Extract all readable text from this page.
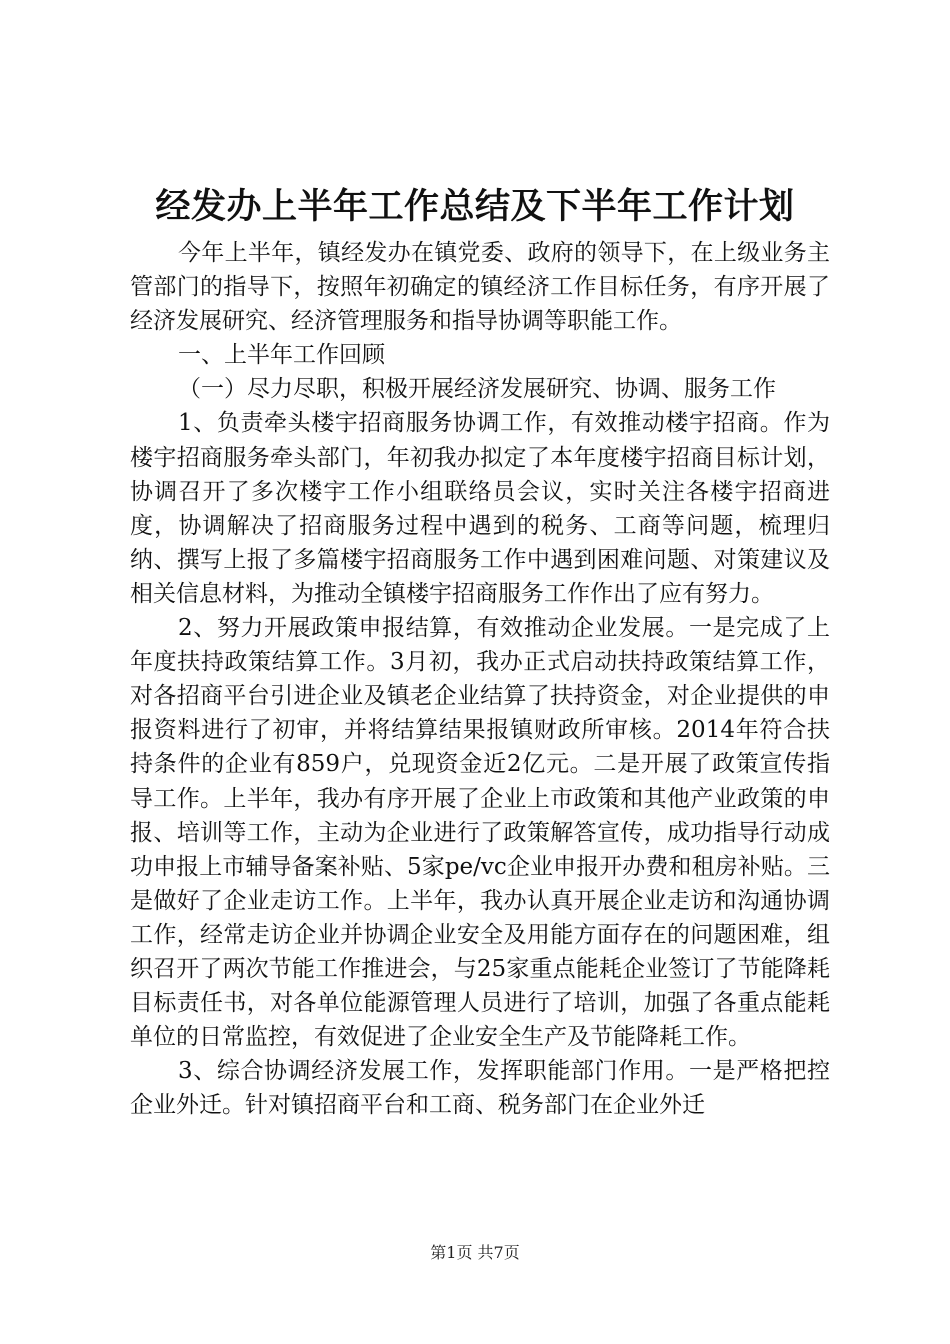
经发办上半年工作总结及下半年工作计划

今年上半年，镇经发办在镇党委、政府的领导下，在上级业务主管部门的指导下，按照年初确定的镇经济工作目标任务，有序开展了经济发展研究、经济管理服务和指导协调等职能工作。

一、上半年工作回顾

（一）尽力尽职，积极开展经济发展研究、协调、服务工作

1、负责牵头楼宇招商服务协调工作，有效推动楼宇招商。作为楼宇招商服务牵头部门，年初我办拟定了本年度楼宇招商目标计划，协调召开了多次楼宇工作小组联络员会议，实时关注各楼宇招商进度，协调解决了招商服务过程中遇到的税务、工商等问题，梳理归纳、撰写上报了多篇楼宇招商服务工作中遇到困难问题、对策建议及相关信息材料，为推动全镇楼宇招商服务工作作出了应有努力。

2、努力开展政策申报结算，有效推动企业发展。一是完成了上年度扶持政策结算工作。3月初，我办正式启动扶持政策结算工作，对各招商平台引进企业及镇老企业结算了扶持资金，对企业提供的申报资料进行了初审，并将结算结果报镇财政所审核。2014年符合扶持条件的企业有859户，兑现资金近2亿元。二是开展了政策宣传指导工作。上半年，我办有序开展了企业上市政策和其他产业政策的申报、培训等工作，主动为企业进行了政策解答宣传，成功指导行动成功申报上市辅导备案补贴、5家pe/vc企业申报开办费和租房补贴。三是做好了企业走访工作。上半年，我办认真开展企业走访和沟通协调工作，经常走访企业并协调企业安全及用能方面存在的问题困难，组织召开了两次节能工作推进会，与25家重点能耗企业签订了节能降耗目标责任书，对各单位能源管理人员进行了培训，加强了各重点能耗单位的日常监控，有效促进了企业安全生产及节能降耗工作。

3、综合协调经济发展工作，发挥职能部门作用。一是严格把控企业外迁。针对镇招商平台和工商、税务部门在企业外迁

第1页 共7页
